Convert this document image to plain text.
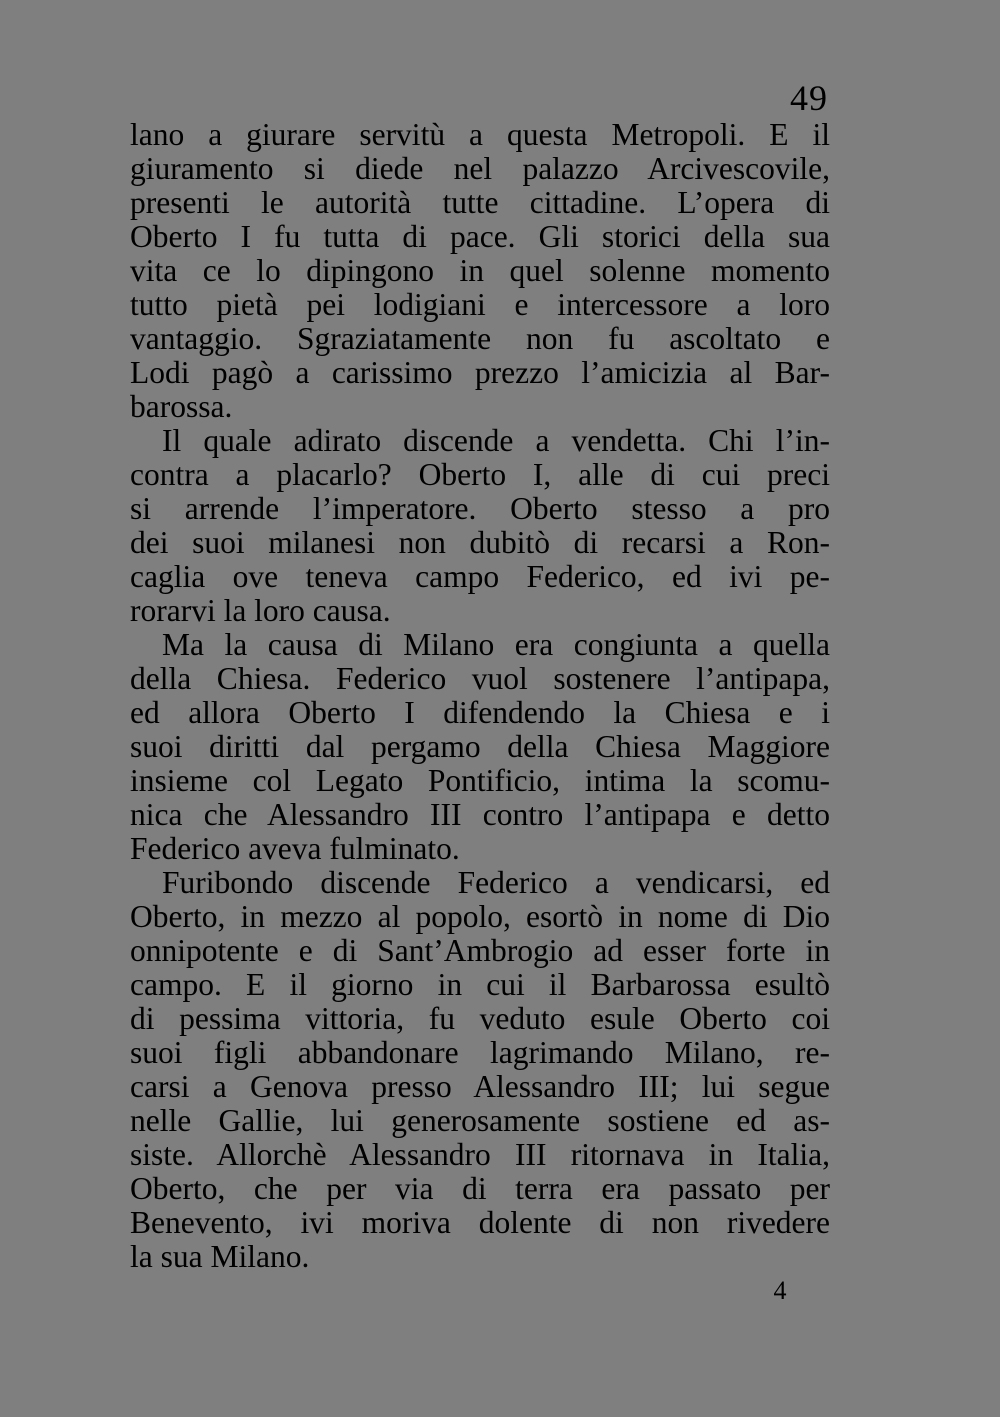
49
lano a giurare servitù a questa Metropoli. E il
giuramento si diede nel palazzo Arcivescovile,
presenti le autorità tutte cittadine. L’opera di
Oberto I fu tutta di pace. Gli storici della sua
vita ce lo dipingono in quel solenne momento
tutto pietà pei lodigiani e intercessore a loro
vantaggio. Sgraziatamente non fu ascoltato e
Lodi pagò a carissimo prezzo l’amicizia al Bar-
barossa.
Il quale adirato discende a vendetta. Chi l’in-
contra a placarlo? Oberto I, alle di cui preci
si arrende l’imperatore. Oberto stesso a pro
dei suoi milanesi non dubitò di recarsi a Ron-
caglia ove teneva campo Federico, ed ivi pe-
rorarvi la loro causa.
Ma la causa di Milano era congiunta a quella
della Chiesa. Federico vuol sostenere l’antipapa,
ed allora Oberto I difendendo la Chiesa e i
suoi diritti dal pergamo della Chiesa Maggiore
insieme col Legato Pontificio, intima la scomu-
nica che Alessandro III contro l’antipapa e detto
Federico aveva fulminato.
Furibondo discende Federico a vendicarsi, ed
Oberto, in mezzo al popolo, esortò in nome di Dio
onnipotente e di Sant’Ambrogio ad esser forte in
campo. E il giorno in cui il Barbarossa esultò
di pessima vittoria, fu veduto esule Oberto coi
suoi figli abbandonare lagrimando Milano, re-
carsi a Genova presso Alessandro III; lui segue
nelle Gallie, lui generosamente sostiene ed as-
siste. Allorchè Alessandro III ritornava in Italia,
Oberto, che per via di terra era passato per
Benevento, ivi moriva dolente di non rivedere
la sua Milano.
4
